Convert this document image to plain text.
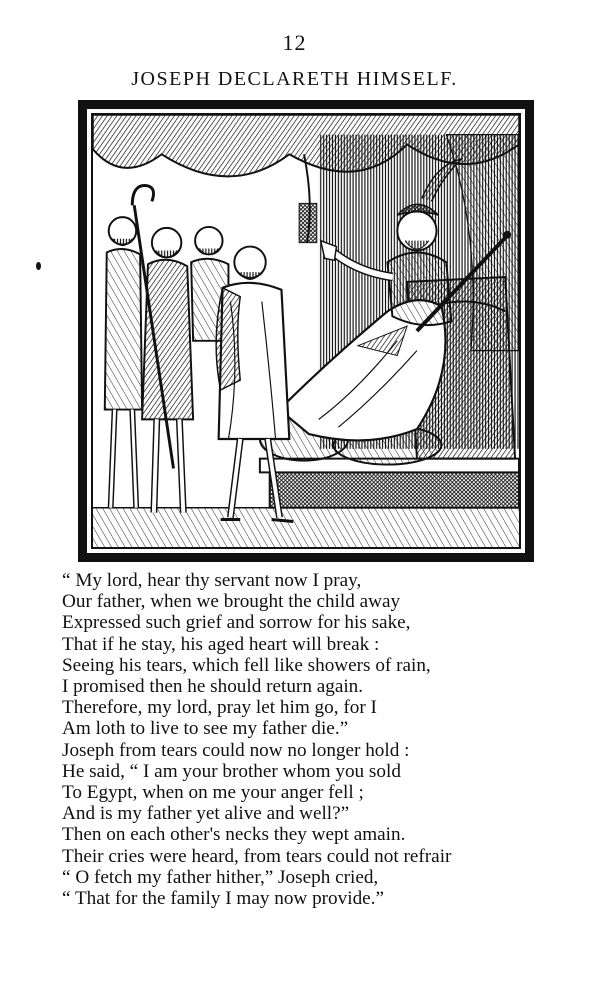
12
JOSEPH DECLARETH HIMSELF.
“ My lord, hear thy servant now I pray,
Our father, when we brought the child away
Expressed such grief and sorrow for his sake,
That if he stay, his aged heart will break :
Seeing his tears, which fell like showers of rain,
I promised then he should return again.
Therefore, my lord, pray let him go, for I
Am loth to live to see my father die.”
Joseph from tears could now no longer hold :
He said, “ I am your brother whom you sold
To Egypt, when on me your anger fell ;
And is my father yet alive and well?”
Then on each other's necks they wept amain.
Their cries were heard, from tears could not refrair
“ O fetch my father hither,” Joseph cried,
“ That for the family I may now provide.”
